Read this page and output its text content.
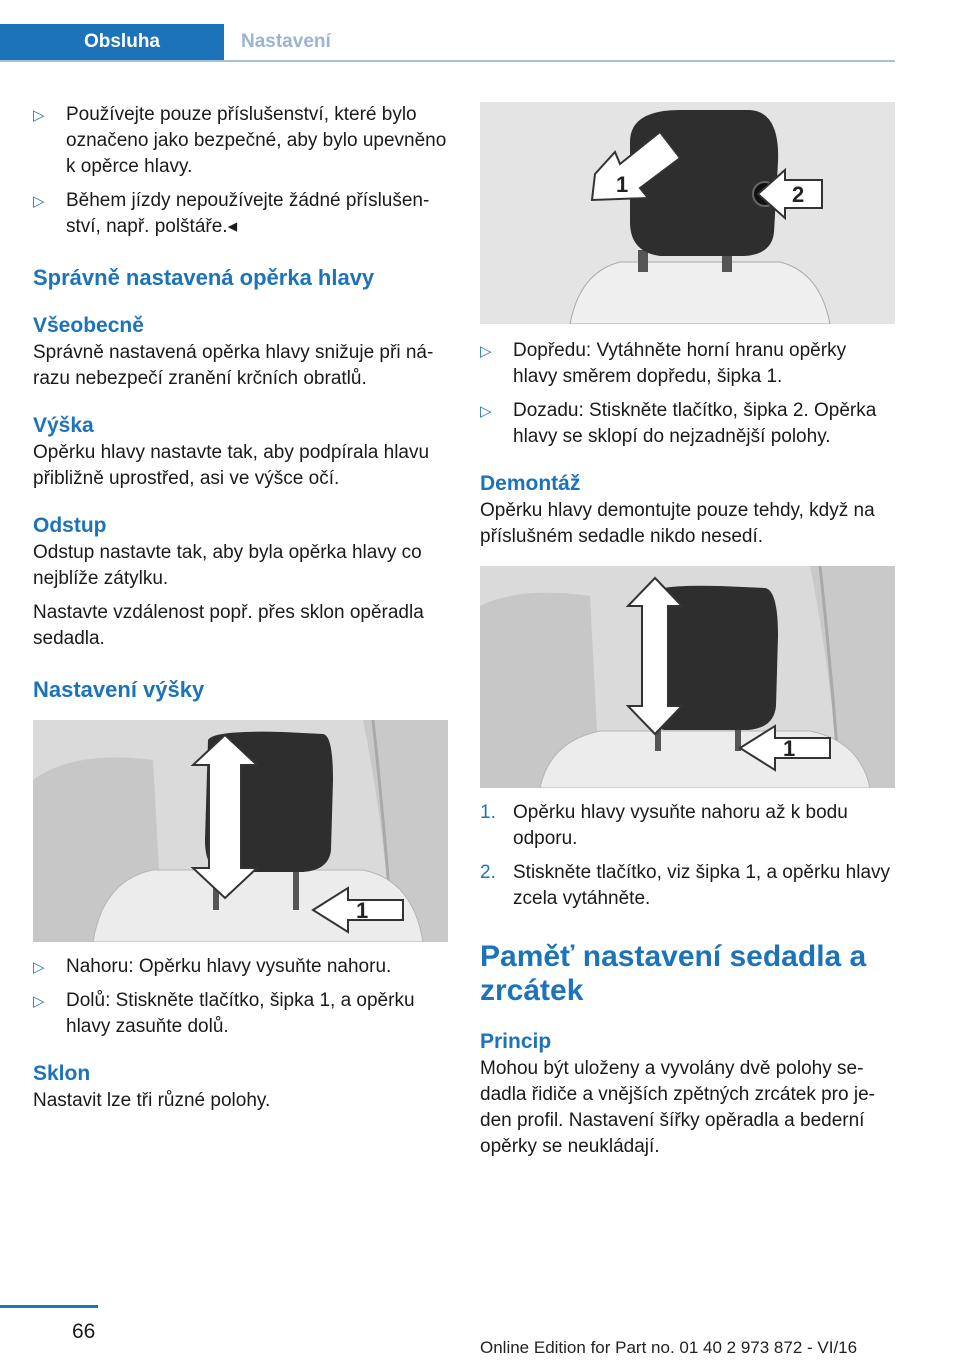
Obsluha	Nastavení
▷ Používejte pouze příslušenství, které bylo označeno jako bezpečné, aby bylo upevněno k opěrce hlavy.
▷ Během jízdy nepoužívejte žádné příslušenství, např. polštáře.◂
Správně nastavená opěrka hlavy
Všeobecně

Správně nastavená opěrka hlavy snižuje při nárazu nebezpečí zranění krčních obratlů.

Výška

Opěrku hlavy nastavte tak, aby podpírala hlavu přibližně uprostřed, asi ve výšce očí.

Odstup

Odstup nastavte tak, aby byla opěrka hlavy co nejblíže zátylku.

Nastavte vzdálenost popř. přes sklon opěradla sedadla.

Nastavení výšky
1
▷ Nahoru: Opěrku hlavy vysuňte nahoru.
▷ Dolů: Stiskněte tlačítko, šipka 1, a opěrku hlavy zasuňte dolů.
Sklon

Nastavit lze tři různé polohy.

1	2
▷ Dopředu: Vytáhněte horní hranu opěrky hlavy směrem dopředu, šipka 1.
▷ Dozadu: Stiskněte tlačítko, šipka 2. Opěrka hlavy se sklopí do nejzadnější polohy.
Demontáž

Opěrku hlavy demontujte pouze tehdy, když na příslušném sedadle nikdo nesedí.

1
1. Opěrku hlavy vysuňte nahoru až k bodu odporu.
2. Stiskněte tlačítko, viz šipka 1, a opěrku hlavy zcela vytáhněte.
Paměť nastavení sedadla a zrcátek
Princip

Mohou být uloženy a vyvolány dvě polohy sedadla řidiče a vnějších zpětných zrcátek pro jeden profil. Nastavení šířky opěradla a bederní opěrky se neukládají.

66
Online Edition for Part no. 01 40 2 973 872 - VI/16
